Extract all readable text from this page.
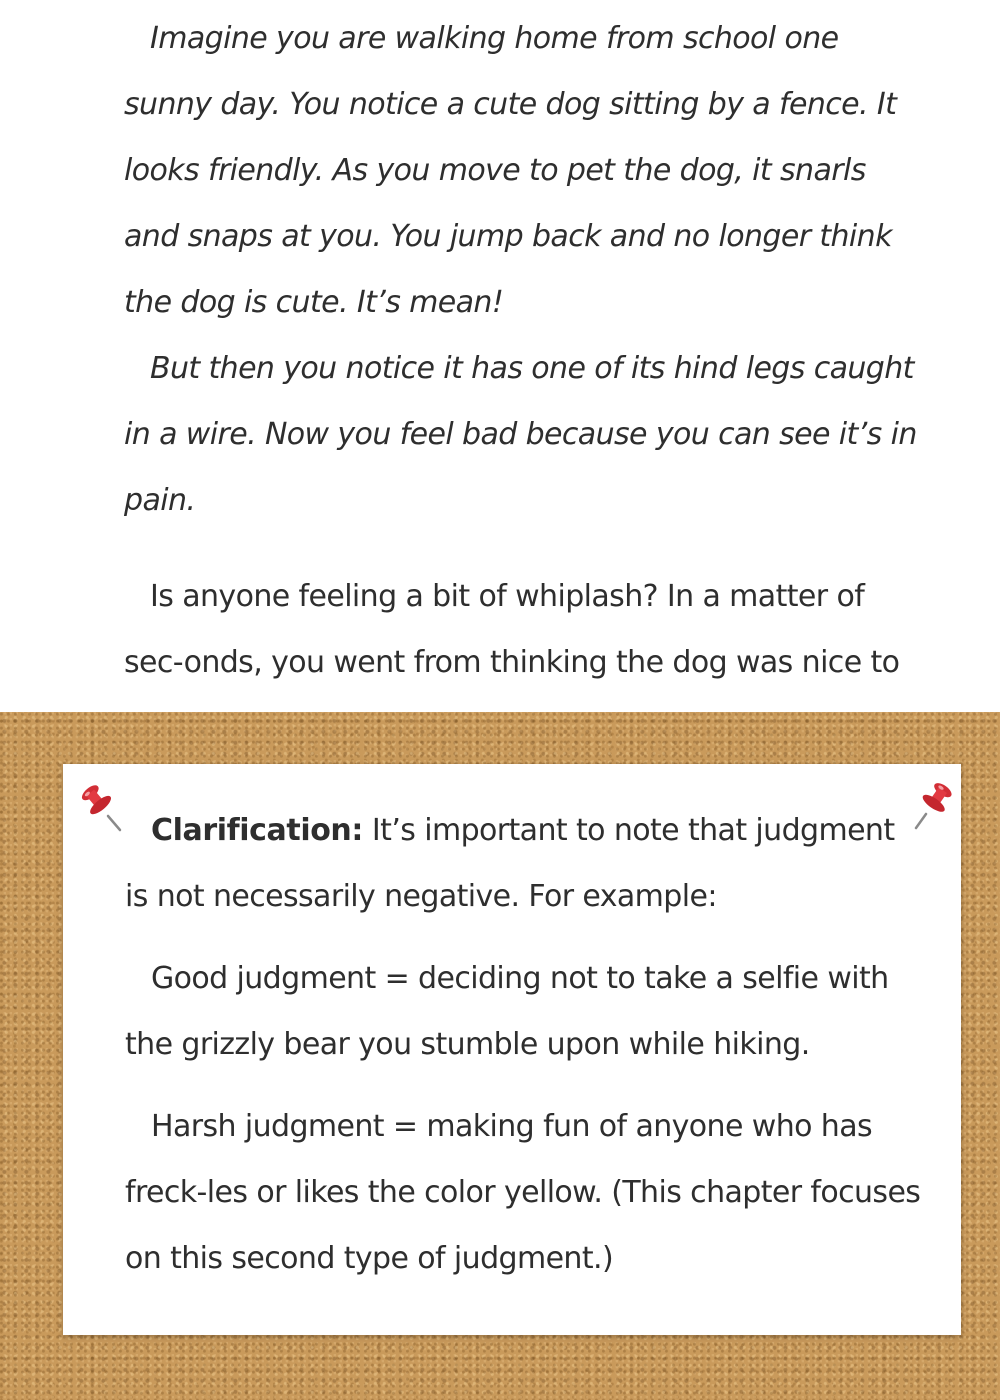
Imagine you are walking home from school one sunny day. You notice a cute dog sitting by a fence. It looks friendly. As you move to pet the dog, it snarls and snaps at you. You jump back and no longer think the dog is cute. It’s mean!

But then you notice it has one of its hind legs caught in a wire. Now you feel bad because you can see it’s in pain.

Is anyone feeling a bit of whiplash? In a matter of sec-onds, you went from thinking the dog was nice to

Clarification: It’s important to note that judgment is not necessarily negative. For example:

Good judgment = deciding not to take a selfie with the grizzly bear you stumble upon while hiking.

Harsh judgment = making fun of anyone who has freck-les or likes the color yellow. (This chapter focuses on this second type of judgment.)
